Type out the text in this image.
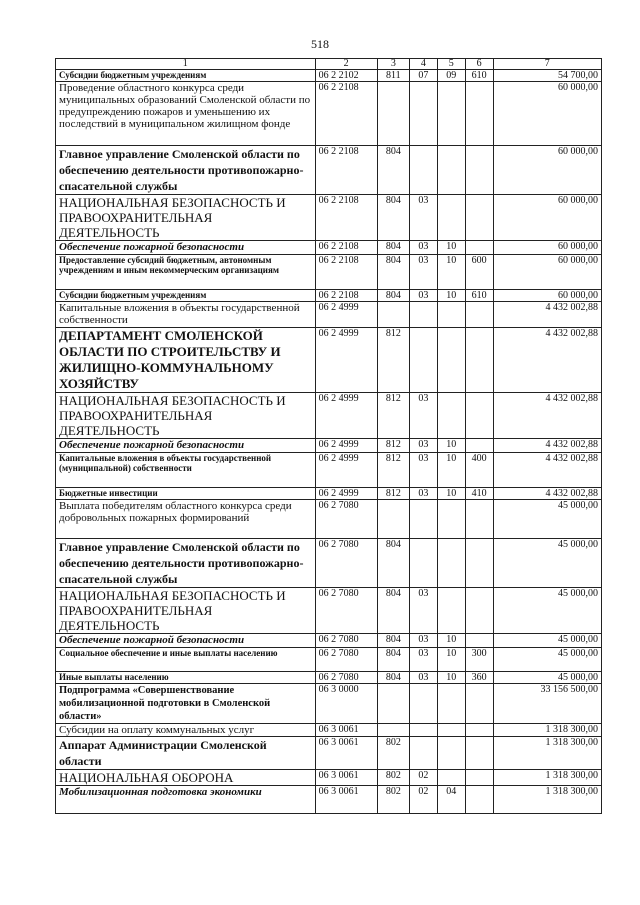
518
1	2	3	4	5	6	7
Субсидии бюджетным учреждениям	06 2 2102	811	07	09	610	54 700,00
Проведение областного конкурса среди муниципальных образований Смоленской области по предупреждению пожаров и уменьшению их последствий в муниципальном жилищном фонде	06 2 2108					60 000,00
Главное управление Смоленской области по обеспечению деятельности противопожарно-спасательной службы	06 2 2108	804				60 000,00
НАЦИОНАЛЬНАЯ БЕЗОПАСНОСТЬ И ПРАВООХРАНИТЕЛЬНАЯ ДЕЯТЕЛЬНОСТЬ	06 2 2108	804	03			60 000,00
Обеспечение пожарной безопасности	06 2 2108	804	03	10		60 000,00
Предоставление субсидий бюджетным, автономным учреждениям и иным некоммерческим организациям	06 2 2108	804	03	10	600	60 000,00
Субсидии бюджетным учреждениям	06 2 2108	804	03	10	610	60 000,00
Капитальные вложения в объекты государственной собственности	06 2 4999					4 432 002,88
ДЕПАРТАМЕНТ СМОЛЕНСКОЙ ОБЛАСТИ ПО СТРОИТЕЛЬСТВУ И ЖИЛИЩНО-КОММУНАЛЬНОМУ ХОЗЯЙСТВУ	06 2 4999	812				4 432 002,88
НАЦИОНАЛЬНАЯ БЕЗОПАСНОСТЬ И ПРАВООХРАНИТЕЛЬНАЯ ДЕЯТЕЛЬНОСТЬ	06 2 4999	812	03			4 432 002,88
Обеспечение пожарной безопасности	06 2 4999	812	03	10		4 432 002,88
Капитальные вложения в объекты государственной (муниципальной) собственности	06 2 4999	812	03	10	400	4 432 002,88
Бюджетные инвестиции	06 2 4999	812	03	10	410	4 432 002,88
Выплата победителям областного конкурса среди добровольных пожарных формирований	06 2 7080					45 000,00
Главное управление Смоленской области по обеспечению деятельности противопожарно-спасательной службы	06 2 7080	804				45 000,00
НАЦИОНАЛЬНАЯ БЕЗОПАСНОСТЬ И ПРАВООХРАНИТЕЛЬНАЯ ДЕЯТЕЛЬНОСТЬ	06 2 7080	804	03			45 000,00
Обеспечение пожарной безопасности	06 2 7080	804	03	10		45 000,00
Социальное обеспечение и иные выплаты населению	06 2 7080	804	03	10	300	45 000,00
Иные выплаты населению	06 2 7080	804	03	10	360	45 000,00
Подпрограмма «Совершенствование мобилизационной подготовки в Смоленской области»	06 3 0000					33 156 500,00
Субсидии на оплату коммунальных услуг	06 3 0061					1 318 300,00
Аппарат Администрации Смоленской области	06 3 0061	802				1 318 300,00
НАЦИОНАЛЬНАЯ ОБОРОНА	06 3 0061	802	02			1 318 300,00
Мобилизационная подготовка экономики	06 3 0061	802	02	04		1 318 300,00
